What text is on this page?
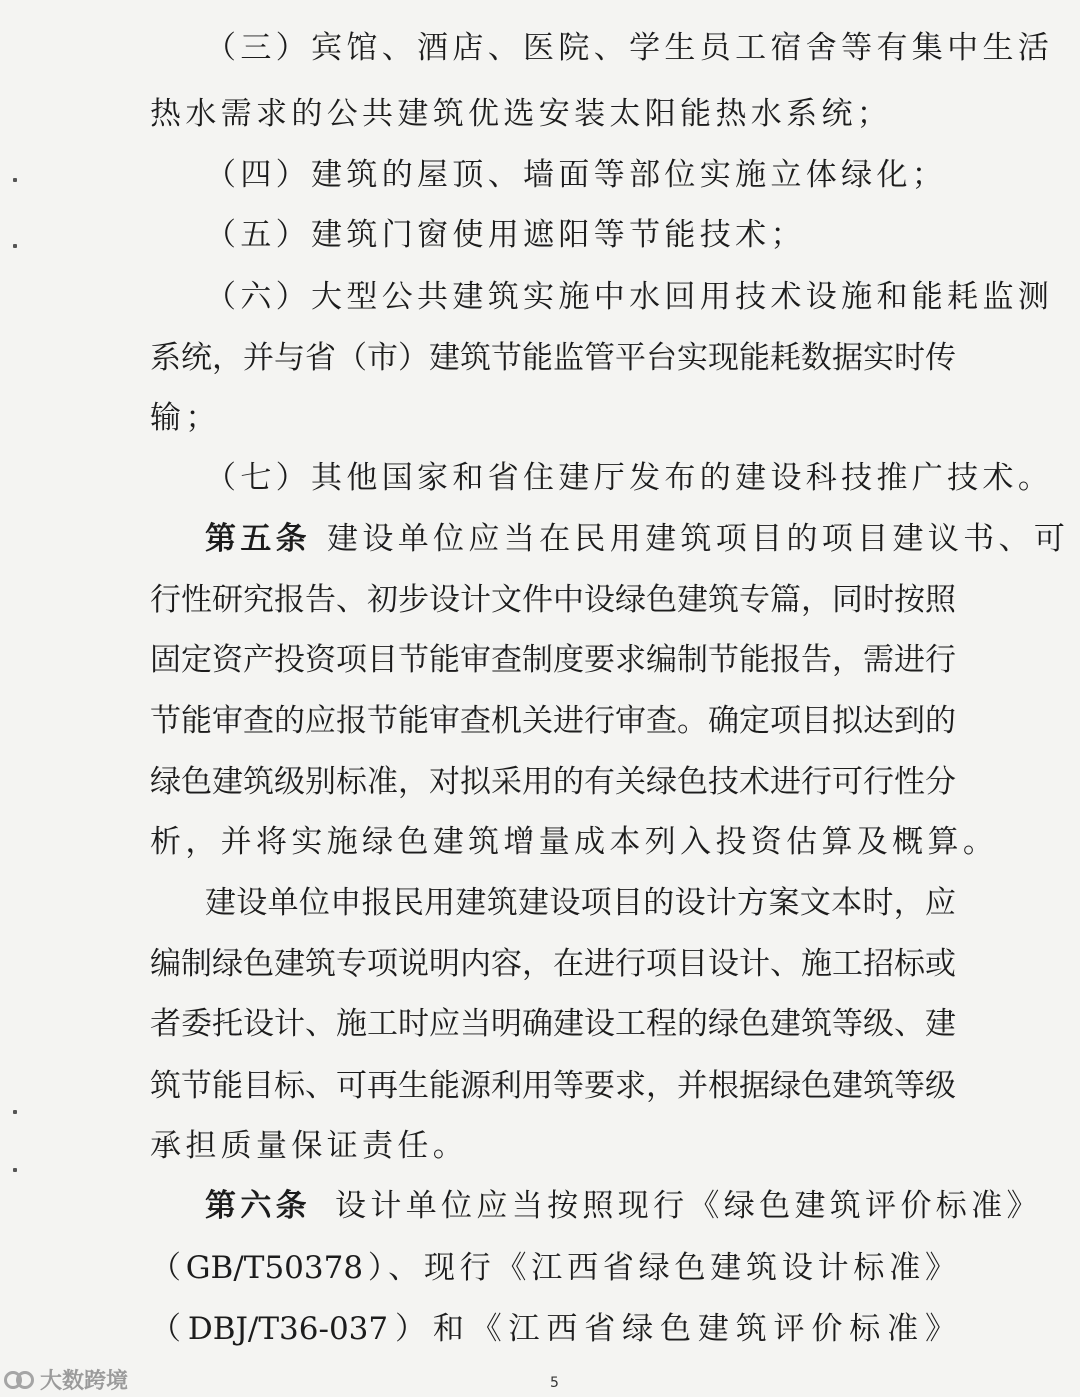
（三）宾馆、酒店、医院、学生员工宿舍等有集中生活
热水需求的公共建筑优选安装太阳能热水系统；
（四）建筑的屋顶、墙面等部位实施立体绿化；
（五）建筑门窗使用遮阳等节能技术；
（六）大型公共建筑实施中水回用技术设施和能耗监测
系统，并与省（市）建筑节能监管平台实现能耗数据实时传
输；
（七）其他国家和省住建厅发布的建设科技推广技术。
第五条 建设单位应当在民用建筑项目的项目建议书、可
行性研究报告、初步设计文件中设绿色建筑专篇，同时按照
固定资产投资项目节能审查制度要求编制节能报告，需进行
节能审查的应报节能审查机关进行审查。确定项目拟达到的
绿色建筑级别标准，对拟采用的有关绿色技术进行可行性分
析，并将实施绿色建筑增量成本列入投资估算及概算。
建设单位申报民用建筑建设项目的设计方案文本时，应
编制绿色建筑专项说明内容，在进行项目设计、施工招标或
者委托设计、施工时应当明确建设工程的绿色建筑等级、建
筑节能目标、可再生能源利用等要求，并根据绿色建筑等级
承担质量保证责任。
第六条 设计单位应当按照现行《绿色建筑评价标准》
（GB/T50378）、现行《江西省绿色建筑设计标准》
（DBJ/T36-037）和《江西省绿色建筑评价标准》
大数跨境	5
